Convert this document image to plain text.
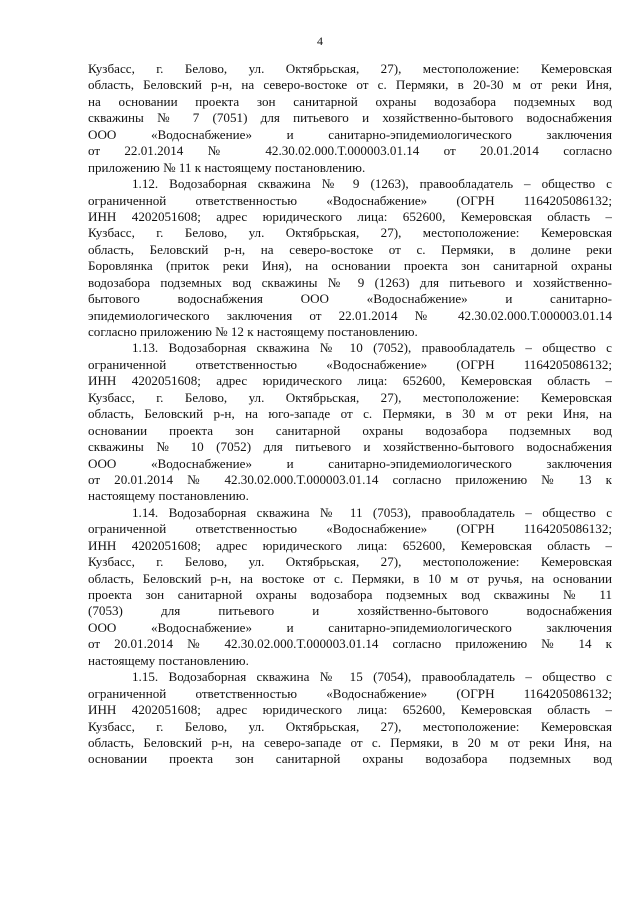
4
Кузбасс, г. Белово, ул. Октябрьская, 27), местоположение: Кемеровская
область, Беловский р-н, на северо-востоке от с. Пермяки, в 20-30 м от реки Иня,
на основании проекта зон санитарной охраны водозабора подземных вод
скважины № 7 (7051) для питьевого и хозяйственно-бытового водоснабжения
ООО «Водоснабжение» и санитарно-эпидемиологического заключения
от 22.01.2014 № 42.30.02.000.Т.000003.01.14 от 20.01.2014 согласно
приложению № 11 к настоящему постановлению.
1.12. Водозаборная скважина № 9 (1263), правообладатель – общество с
ограниченной ответственностью «Водоснабжение» (ОГРН 1164205086132;
ИНН 4202051608; адрес юридического лица: 652600, Кемеровская область –
Кузбасс, г. Белово, ул. Октябрьская, 27), местоположение: Кемеровская
область, Беловский р-н, на северо-востоке от с. Пермяки, в долине реки
Боровлянка (приток реки Иня), на основании проекта зон санитарной охраны
водозабора подземных вод скважины № 9 (1263) для питьевого и хозяйственно-
бытового водоснабжения ООО «Водоснабжение» и санитарно-
эпидемиологического заключения от 22.01.2014 № 42.30.02.000.Т.000003.01.14
согласно приложению № 12 к настоящему постановлению.
1.13. Водозаборная скважина № 10 (7052), правообладатель – общество с
ограниченной ответственностью «Водоснабжение» (ОГРН 1164205086132;
ИНН 4202051608; адрес юридического лица: 652600, Кемеровская область –
Кузбасс, г. Белово, ул. Октябрьская, 27), местоположение: Кемеровская
область, Беловский р-н, на юго-западе от с. Пермяки, в 30 м от реки Иня, на
основании проекта зон санитарной охраны водозабора подземных вод
скважины № 10 (7052) для питьевого и хозяйственно-бытового водоснабжения
ООО «Водоснабжение» и санитарно-эпидемиологического заключения
от 20.01.2014 № 42.30.02.000.Т.000003.01.14 согласно приложению № 13 к
настоящему постановлению.
1.14. Водозаборная скважина № 11 (7053), правообладатель – общество с
ограниченной ответственностью «Водоснабжение» (ОГРН 1164205086132;
ИНН 4202051608; адрес юридического лица: 652600, Кемеровская область –
Кузбасс, г. Белово, ул. Октябрьская, 27), местоположение: Кемеровская
область, Беловский р-н, на востоке от с. Пермяки, в 10 м от ручья, на основании
проекта зон санитарной охраны водозабора подземных вод скважины № 11
(7053) для питьевого и хозяйственно-бытового водоснабжения
ООО «Водоснабжение» и санитарно-эпидемиологического заключения
от 20.01.2014 № 42.30.02.000.Т.000003.01.14 согласно приложению № 14 к
настоящему постановлению.
1.15. Водозаборная скважина № 15 (7054), правообладатель – общество с
ограниченной ответственностью «Водоснабжение» (ОГРН 1164205086132;
ИНН 4202051608; адрес юридического лица: 652600, Кемеровская область –
Кузбасс, г. Белово, ул. Октябрьская, 27), местоположение: Кемеровская
область, Беловский р-н, на северо-западе от с. Пермяки, в 20 м от реки Иня, на
основании проекта зон санитарной охраны водозабора подземных вод
